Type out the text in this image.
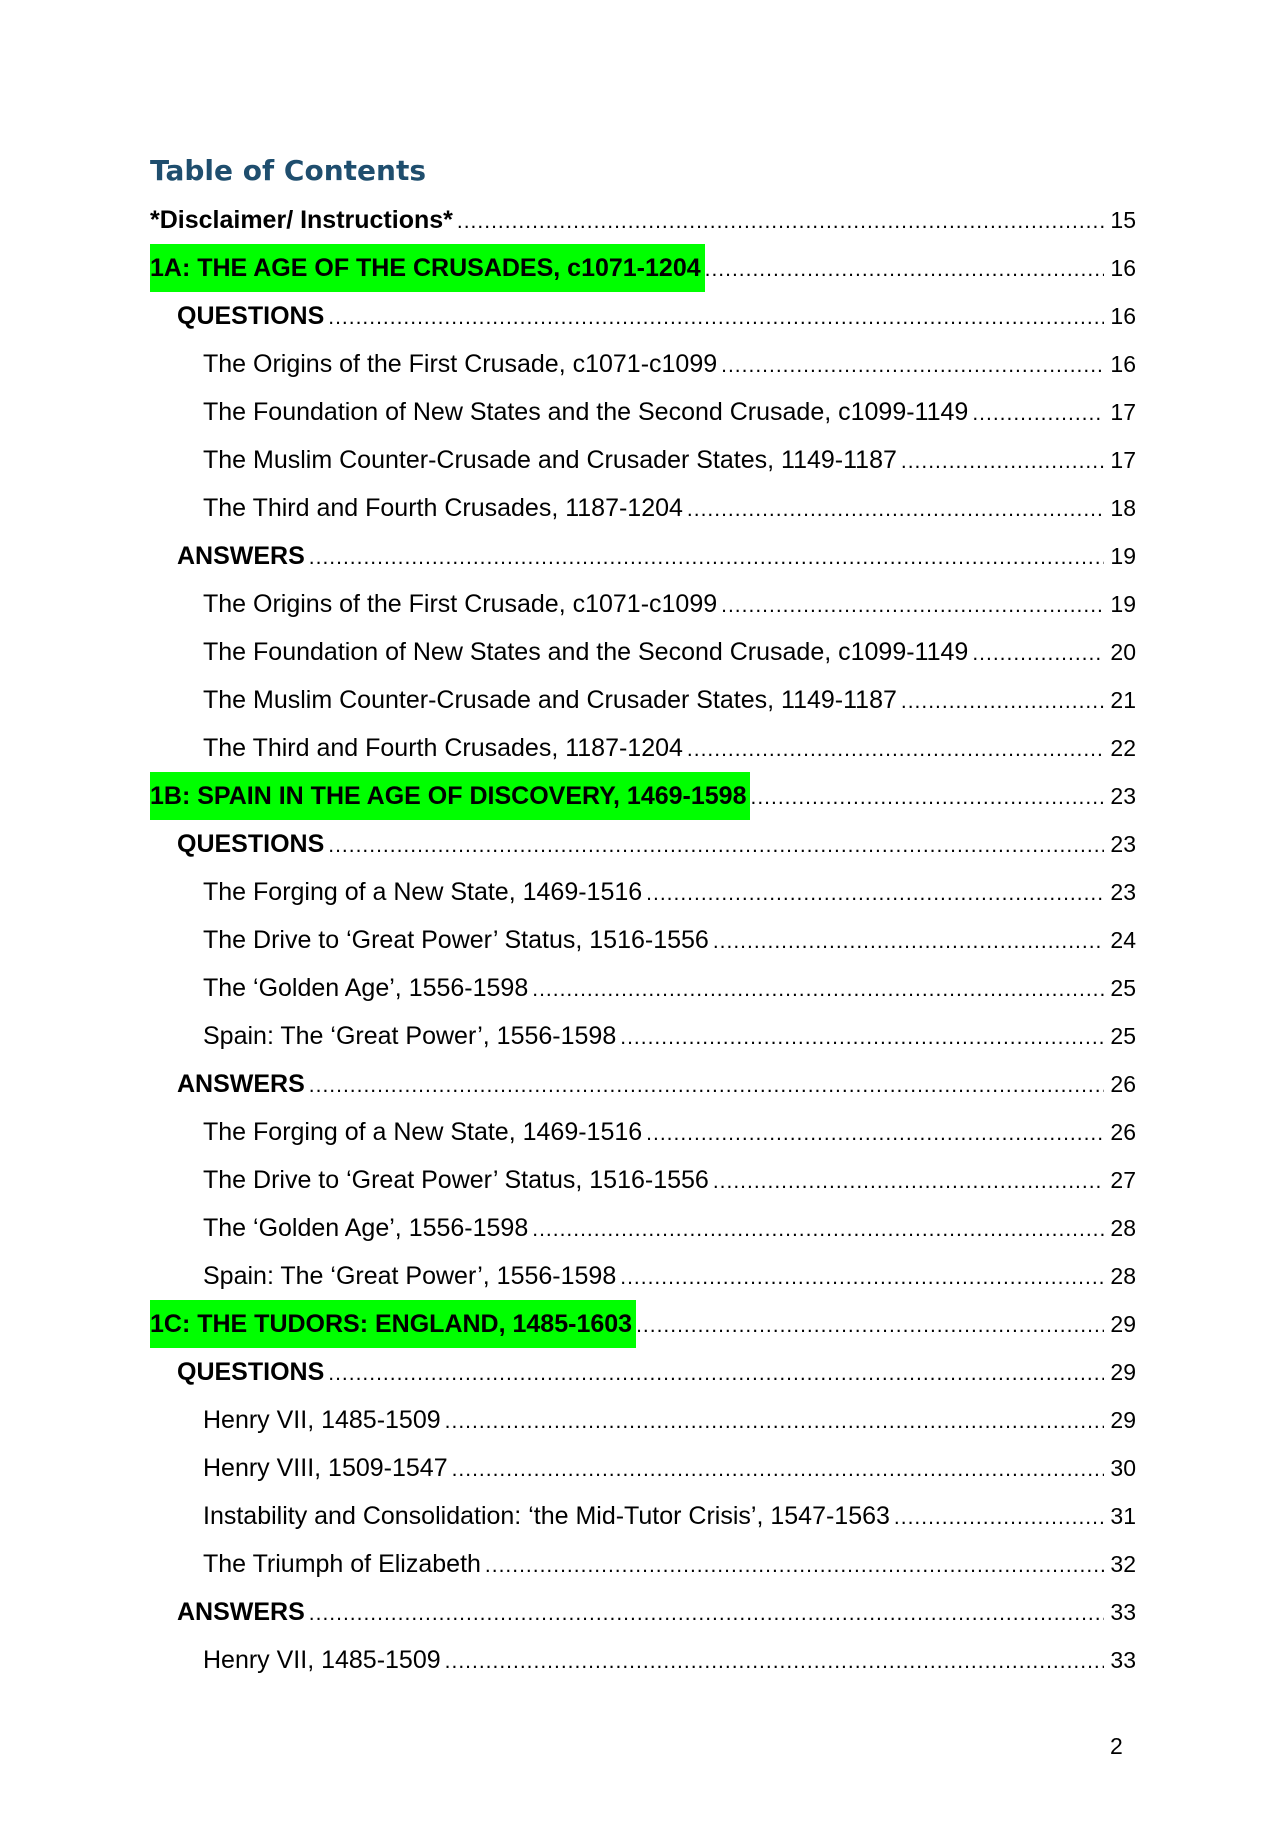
Table of Contents
*Disclaimer/ Instructions* .....	15
1A: THE AGE OF THE CRUSADES, c1071-1204 .....	16
QUESTIONS .....	16
The Origins of the First Crusade, c1071-c1099 .....	16
The Foundation of New States and the Second Crusade, c1099-1149 .....	17
The Muslim Counter-Crusade and Crusader States, 1149-1187 .....	17
The Third and Fourth Crusades, 1187-1204 .....	18
ANSWERS .....	19
The Origins of the First Crusade, c1071-c1099 .....	19
The Foundation of New States and the Second Crusade, c1099-1149 .....	20
The Muslim Counter-Crusade and Crusader States, 1149-1187 .....	21
The Third and Fourth Crusades, 1187-1204 .....	22
1B: SPAIN IN THE AGE OF DISCOVERY, 1469-1598 .....	23
QUESTIONS .....	23
The Forging of a New State, 1469-1516 .....	23
The Drive to ‘Great Power’ Status, 1516-1556 .....	24
The ‘Golden Age’, 1556-1598 .....	25
Spain: The ‘Great Power’, 1556-1598 .....	25
ANSWERS .....	26
The Forging of a New State, 1469-1516 .....	26
The Drive to ‘Great Power’ Status, 1516-1556 .....	27
The ‘Golden Age’, 1556-1598 .....	28
Spain: The ‘Great Power’, 1556-1598 .....	28
1C: THE TUDORS: ENGLAND, 1485-1603 .....	29
QUESTIONS .....	29
Henry VII, 1485-1509 .....	29
Henry VIII, 1509-1547 .....	30
Instability and Consolidation: ‘the Mid-Tutor Crisis’, 1547-1563 .....	31
The Triumph of Elizabeth .....	32
ANSWERS .....	33
Henry VII, 1485-1509 .....	33
2
